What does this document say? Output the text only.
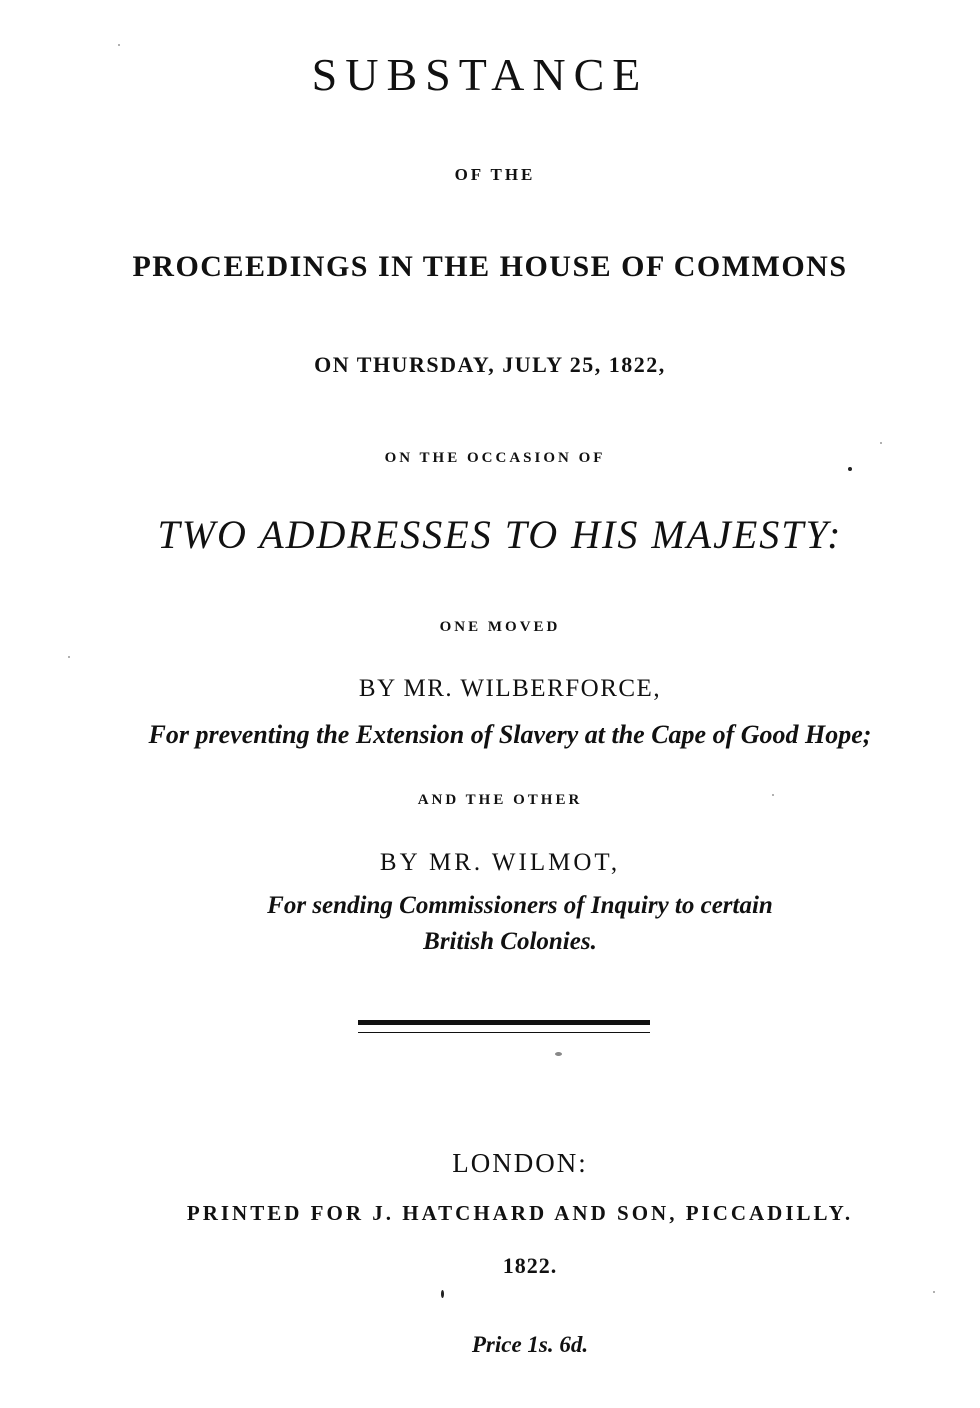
SUBSTANCE
OF THE
PROCEEDINGS IN THE HOUSE OF COMMONS
ON THURSDAY, JULY 25, 1822,
ON THE OCCASION OF
TWO ADDRESSES TO HIS MAJESTY:
ONE MOVED
BY MR. WILBERFORCE,
For preventing the Extension of Slavery at the Cape of Good Hope;
AND THE OTHER
BY MR. WILMOT,
For sending Commissioners of Inquiry to certain
British Colonies.
LONDON:
PRINTED FOR J. HATCHARD AND SON, PICCADILLY.
1822.
Price 1s. 6d.
